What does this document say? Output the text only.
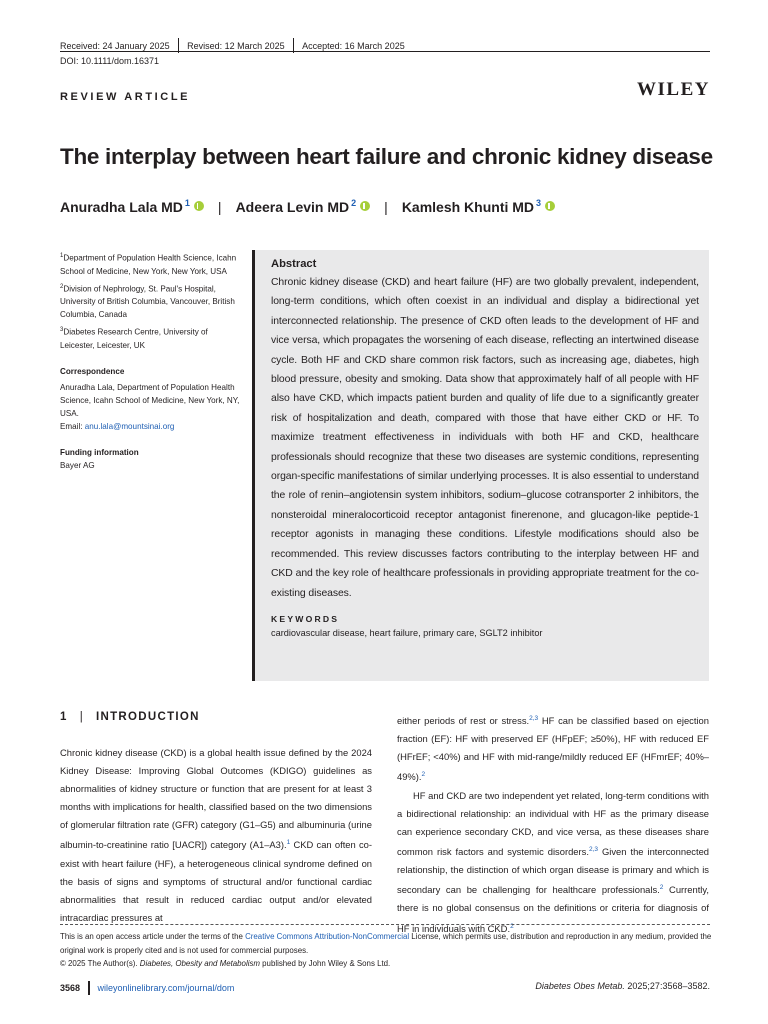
Received: 24 January 2025 Revised: 12 March 2025 Accepted: 16 March 2025
DOI: 10.1111/dom.16371
REVIEW ARTICLE	WILEY
The interplay between heart failure and chronic kidney disease
Anuradha Lala $MD^1$ | Adeera Levin $MD^2$ | Kamlesh Khunti $MD^3$

$^1$Department of Population Health Science, Icahn School of Medicine, New York, New York, USA

$^2$Division of Nephrology, St. Paul's Hospital, University of British Columbia, Vancouver, British Columbia, Canada

$^3$Diabetes Research Centre, University of Leicester, Leicester, UK

Correspondence

Anuradha Lala, Department of Population Health Science, Icahn School of Medicine, New York, NY, USA.

Email: anu.lala@mountsinai.org

Funding information

Bayer AG

Abstract
Chronic kidney disease (CKD) and heart failure (HF) are two globally prevalent, independent, long-term conditions, which often coexist in an individual and display a bidirectional yet interconnected relationship. The presence of CKD often leads to the development of HF and vice versa, which propagates the worsening of each disease, reflecting an intertwined disease cycle. Both HF and CKD share common risk factors, such as increasing age, diabetes, high blood pressure, obesity and smoking. Data show that approximately half of all people with HF also have CKD, which impacts patient burden and quality of life due to a significantly greater risk of hospitalization and death, compared with those that have either CKD or HF. To maximize treatment effectiveness in individuals with both HF and CKD, healthcare professionals should recognize that these two diseases are systemic conditions, representing organ-specific manifestations of similar underlying processes. It is also essential to understand the role of renin–angiotensin system inhibitors, sodium–glucose cotransporter 2 inhibitors, the nonsteroidal mineralocorticoid receptor antagonist finerenone, and glucagon-like peptide-1 receptor agonists in managing these conditions. Lifestyle modifications should also be recommended. This review discusses factors contributing to the interplay between HF and CKD and the key role of healthcare professionals in providing appropriate treatment for the co-existing diseases.
KEYWORDS
cardiovascular disease, heart failure, primary care, SGLT2 inhibitor
1 | INTRODUCTION

Chronic kidney disease (CKD) is a global health issue defined by the 2024 Kidney Disease: Improving Global Outcomes (KDIGO) guidelines as abnormalities of kidney structure or function that are present for at least 3 months with implications for health, classified based on the two dimensions of glomerular filtration rate (GFR) category (G1–G5) and albuminuria (urine albumin-to-creatinine ratio [UACR]) category (A1–A3).$^1$ CKD can often co-exist with heart failure (HF), a heterogeneous clinical syndrome defined on the basis of signs and symptoms of structural and/or functional cardiac abnormalities that result in reduced cardiac output and/or elevated intracardiac pressures at

either periods of rest or stress.$^{2,3}$ HF can be classified based on ejection fraction (EF): HF with preserved EF (HFpEF; ≥50%), HF with reduced EF (HFrEF; <40%) and HF with mid-range/mildly reduced EF (HFmrEF; 40%–49%).$^2$

HF and CKD are two independent yet related, long-term conditions with a bidirectional relationship: an individual with HF as the primary disease can experience secondary CKD, and vice versa, as these diseases share common risk factors and systemic disorders.$^{2,3}$ Given the interconnected relationship, the distinction of which organ disease is primary and which is secondary can be challenging for healthcare professionals.$^2$ Currently, there is no global consensus on the definitions or criteria for diagnosis of HF in individuals with CKD.$^2$

This is an open access article under the terms of the Creative Commons Attribution-NonCommercial License, which permits use, distribution and reproduction in any medium, provided the original work is properly cited and is not used for commercial purposes.

© 2025 The Author(s). Diabetes, Obesity and Metabolism published by John Wiley & Sons Ltd.

3568 wileyonlinelibrary.com/journal/dom	Diabetes Obes Metab. 2025;27:3568–3582.
